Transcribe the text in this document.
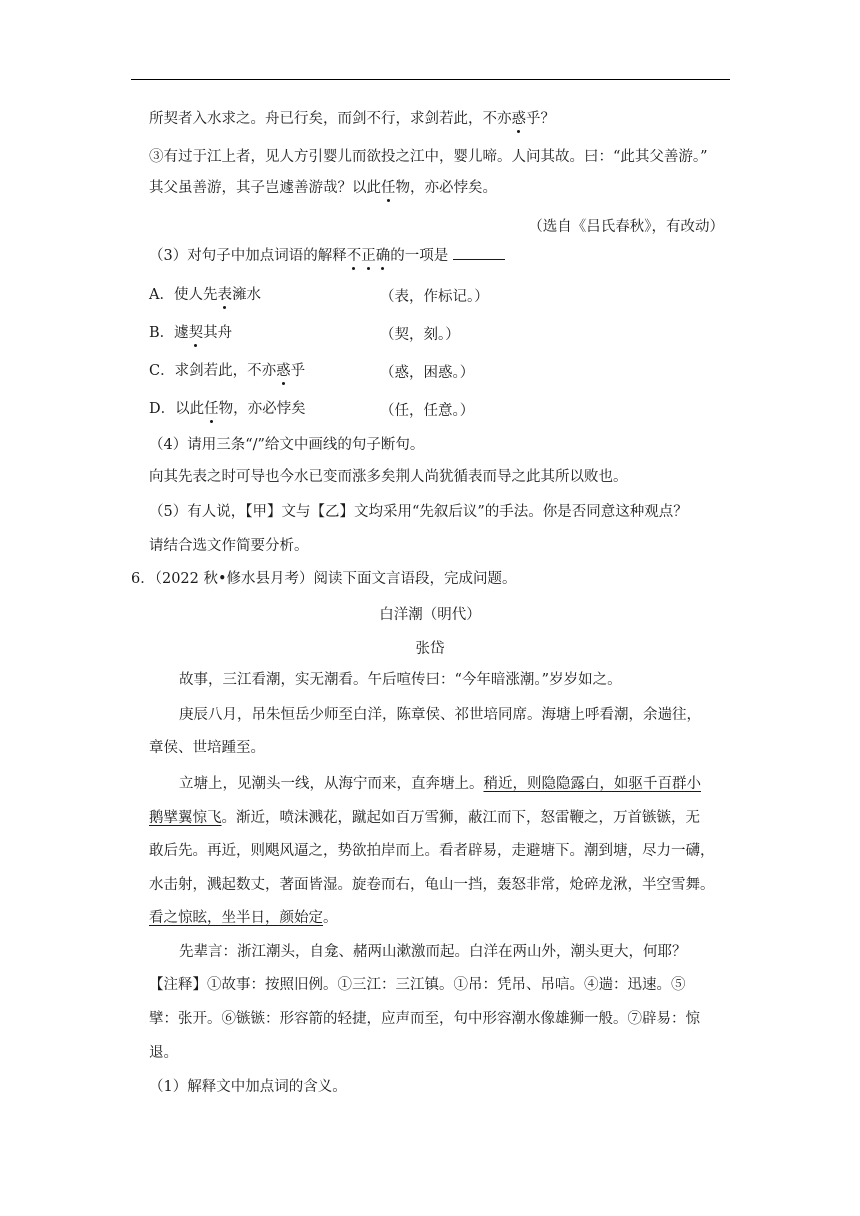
所契者入水求之。舟已行矣，而剑不行，求剑若此，不亦惑乎？
③有过于江上者，见人方引婴儿而欲投之江中，婴儿啼。人问其故。曰：“此其父善游。”
其父虽善游，其子岂遽善游哉？以此任物，亦必悖矣。
（选自《吕氏春秋》，有改动）
（3）对句子中加点词语的解释不正确的一项是
A．使人先表澭水	（表，作标记。）
B．遽契其舟	（契，刻。）
C．求剑若此，不亦惑乎	（惑，困惑。）
D．以此任物，亦必悖矣	（任，任意。）
（4）请用三条“/”给文中画线的句子断句。
向其先表之时可导也今水已变而涨多矣荆人尚犹循表而导之此其所以败也。
（5）有人说，【甲】文与【乙】文均采用“先叙后议”的手法。你是否同意这种观点？
请结合选文作简要分析。
6．（2022 秋•修水县月考）阅读下面文言语段，完成问题。
白洋潮（明代）
张岱
故事，三江看潮，实无潮看。午后喧传曰：“今年暗涨潮。”岁岁如之。
庚辰八月，吊朱恒岳少师至白洋，陈章侯、祁世培同席。海塘上呼看潮，余遄往，
章侯、世培踵至。
立塘上，见潮头一线，从海宁而来，直奔塘上。稍近，则隐隐露白，如驱千百群小
鹅擘翼惊飞。渐近，喷沫溅花，蹴起如百万雪狮，蔽江而下，怒雷鞭之，万首镞镞，无
敢后先。再近，则飓风逼之，势欲拍岸而上。看者辟易，走避塘下。潮到塘，尽力一礴，
水击射，溅起数丈，著面皆湿。旋卷而右，龟山一挡，轰怒非常，炝碎龙湫，半空雪舞。
看之惊眩，坐半日，颜始定。
先辈言：浙江潮头，自龛、赭两山漱激而起。白洋在两山外，潮头更大，何耶？
【注释】①故事：按照旧例。①三江：三江镇。①吊：凭吊、吊唁。④遄：迅速。⑤
擘：张开。⑥镞镞：形容箭的轻捷，应声而至，句中形容潮水像雄狮一般。⑦辟易：惊
退。
（1）解释文中加点词的含义。
